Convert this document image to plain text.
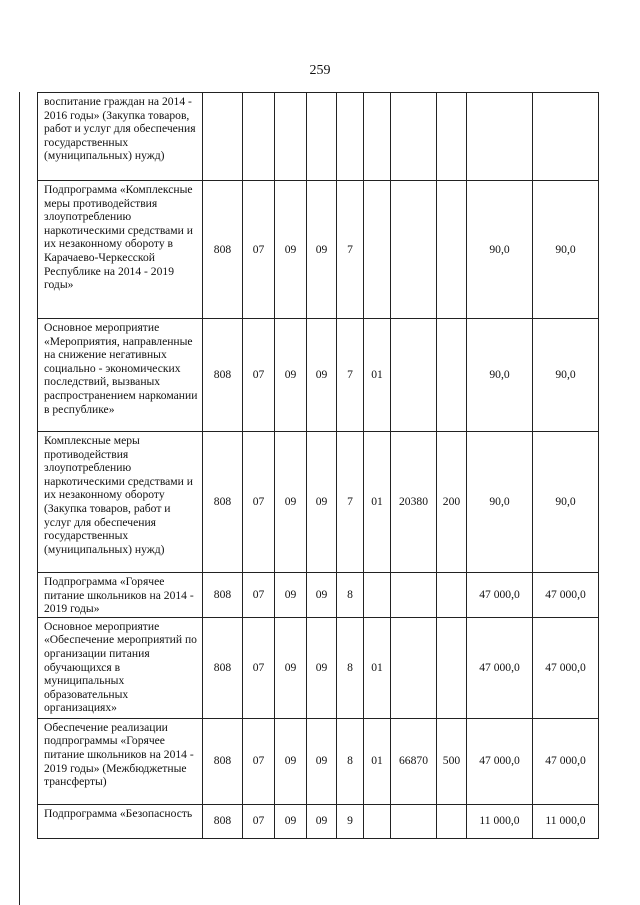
259
воспитание граждан на 2014 - 2016 годы» (Закупка товаров, работ и услуг для обеспечения государственных (муниципальных) нужд)										
Подпрограмма «Комплексные меры противодействия злоупотреблению наркотическими средствами и их незаконному обороту в Карачаево-Черкесской Республике на 2014 - 2019 годы»	808	07	09	09	7				90,0	90,0
Основное мероприятие «Мероприятия, направленные на снижение негативных социально - экономических последствий, вызваных распространением наркомании в республике»	808	07	09	09	7	01			90,0	90,0
Комплексные меры противодействия злоупотреблению наркотическими средствами и их незаконному обороту (Закупка товаров, работ и услуг для обеспечения государственных (муниципальных) нужд)	808	07	09	09	7	01	20380	200	90,0	90,0
Подпрограмма «Горячее питание школьников на 2014 - 2019 годы»	808	07	09	09	8				47 000,0	47 000,0
Основное мероприятие «Обеспечение мероприятий по организации питания обучающихся в муниципальных образовательных организациях»	808	07	09	09	8	01			47 000,0	47 000,0
Обеспечение реализации подпрограммы «Горячее питание школьников на 2014 - 2019 годы» (Межбюджетные трансферты)	808	07	09	09	8	01	66870	500	47 000,0	47 000,0
Подпрограмма «Безопасность	808	07	09	09	9				11 000,0	11 000,0
